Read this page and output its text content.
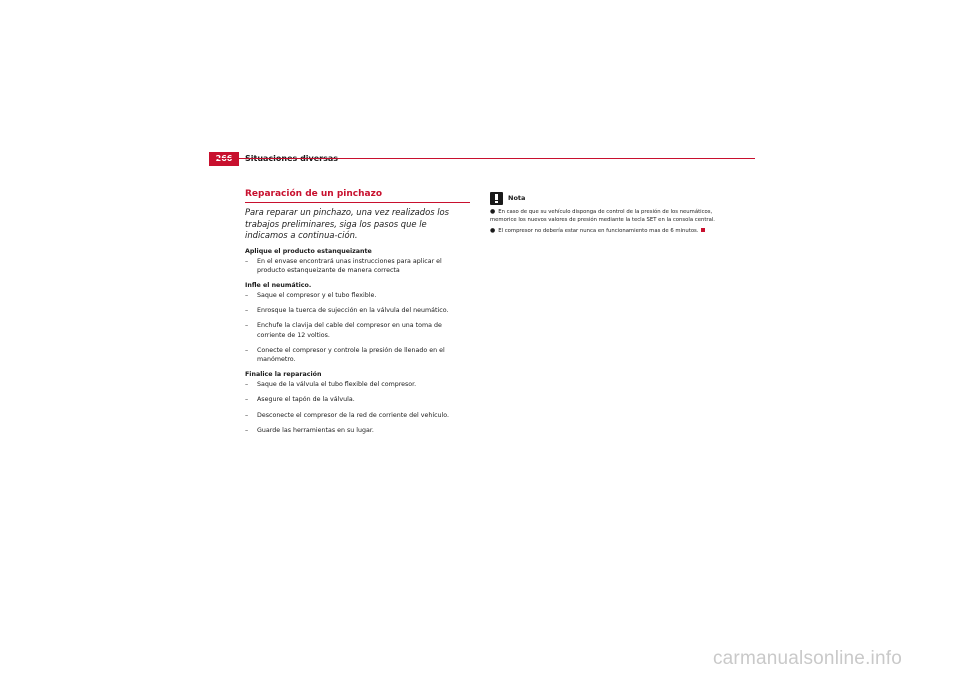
Reparación de un pinchazo

Para reparar un pinchazo, una vez realizados los trabajos preliminares, siga los pasos que le indicamos a continua-ción.

Aplique el producto estanqueizante
– En el envase encontrará unas instrucciones para aplicar el producto estanqueizante de manera correcta
Infle el neumático.
– Saque el compresor y el tubo flexible.
– Enrosque la tuerca de sujección en la válvula del neumático.
– Enchufe la clavija del cable del compresor en una toma de corriente de 12 voltios.
– Conecte el compresor y controle la presión de llenado en el manómetro.
Finalice la reparación
– Saque de la válvula el tubo flexible del compresor.
– Asegure el tapón de la válvula.
– Desconecte el compresor de la red de corriente del vehículo.
– Guarde las herramientas en su lugar.
Nota

● En caso de que su vehículo disponga de control de la presión de los neumáticos, memorice los nuevos valores de presión mediante la tecla SET en la consola central.

● El compresor no debería estar nunca en funcionamiento mas de 6 minutos.

carmanualsonline.info
